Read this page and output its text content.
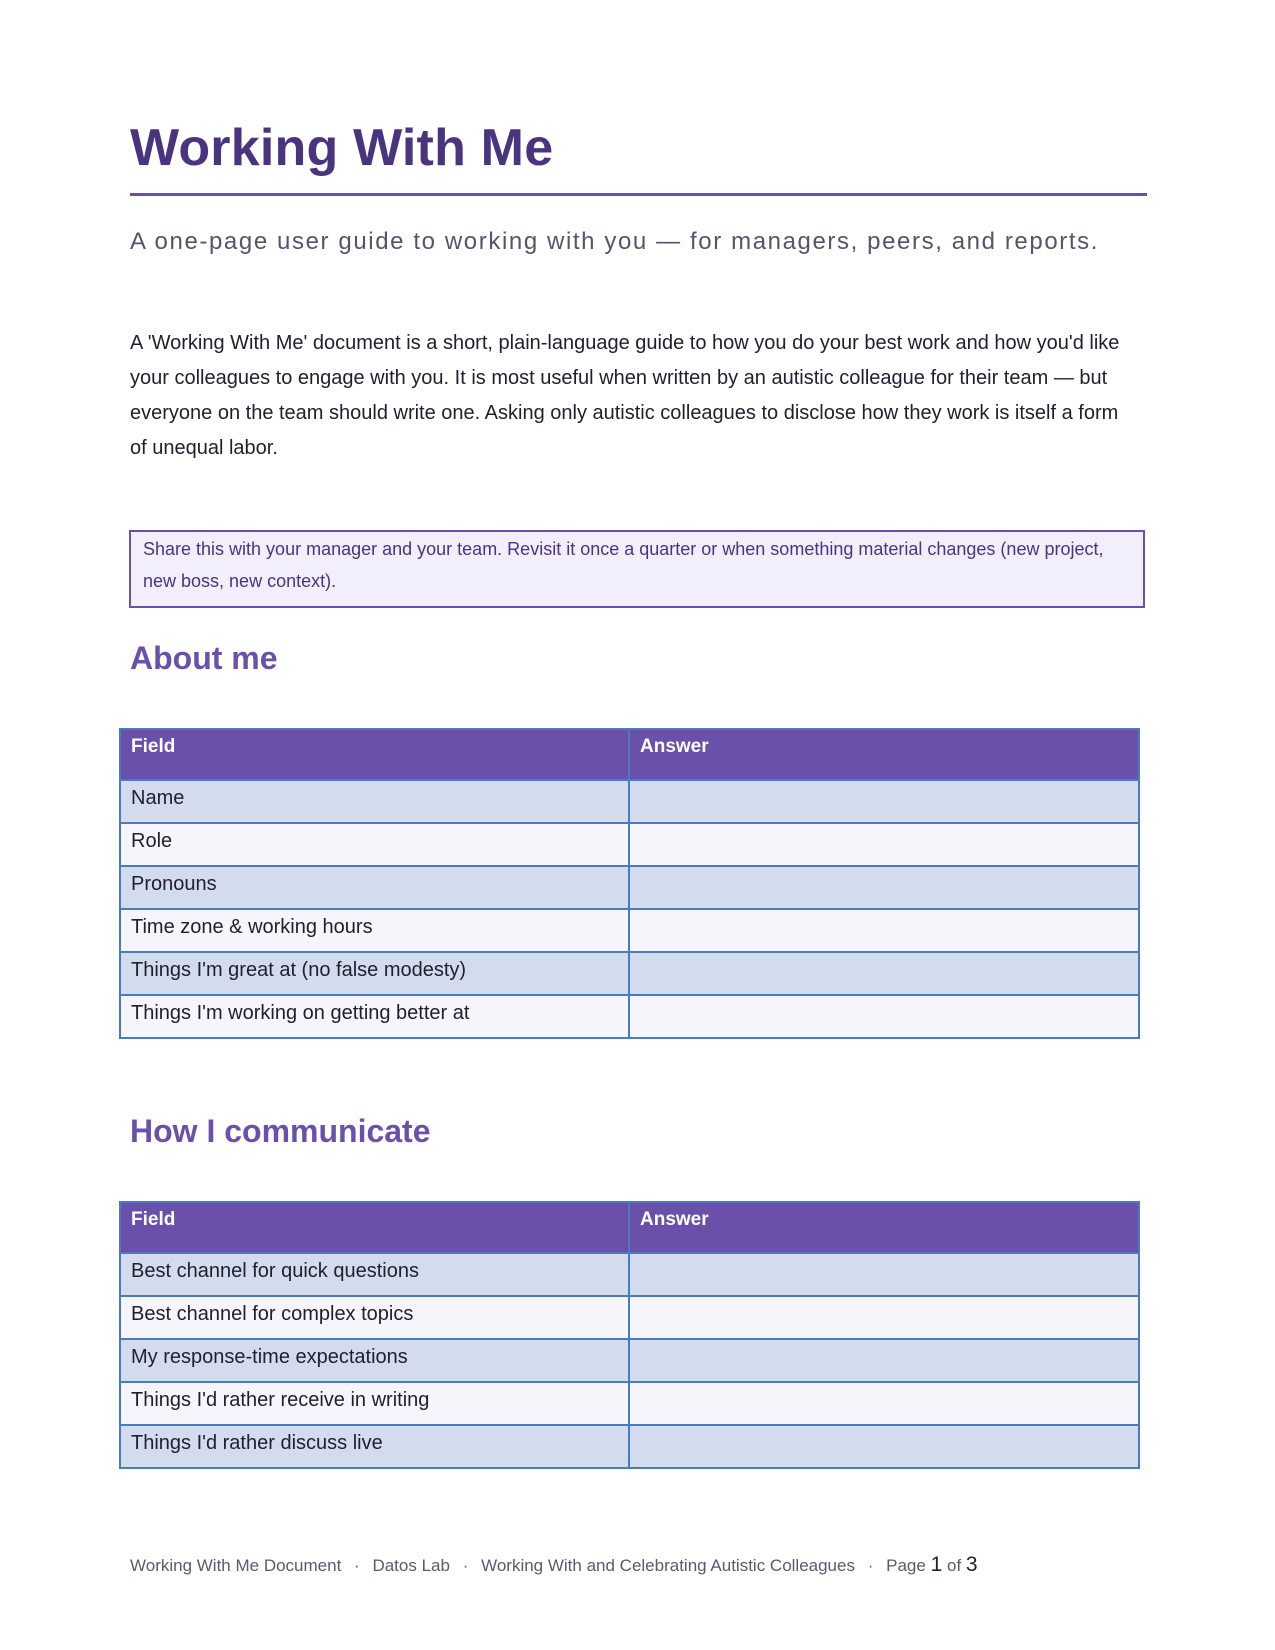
Working With Me
A one-page user guide to working with you — for managers, peers, and reports.

A 'Working With Me' document is a short, plain-language guide to how you do your best work and how you'd like your colleagues to engage with you. It is most useful when written by an autistic colleague for their team — but everyone on the team should write one. Asking only autistic colleagues to disclose how they work is itself a form of unequal labor.

Share this with your manager and your team. Revisit it once a quarter or when something material changes (new project, new boss, new context).
About me
Field	Answer
Name	
Role	
Pronouns	
Time zone & working hours	
Things I'm great at (no false modesty)	
Things I'm working on getting better at	
How I communicate
Field	Answer
Best channel for quick questions	
Best channel for complex topics	
My response-time expectations	
Things I'd rather receive in writing	
Things I'd rather discuss live	
Working With Me Document · Datos Lab · Working With and Celebrating Autistic Colleagues · Page 1 of 3
